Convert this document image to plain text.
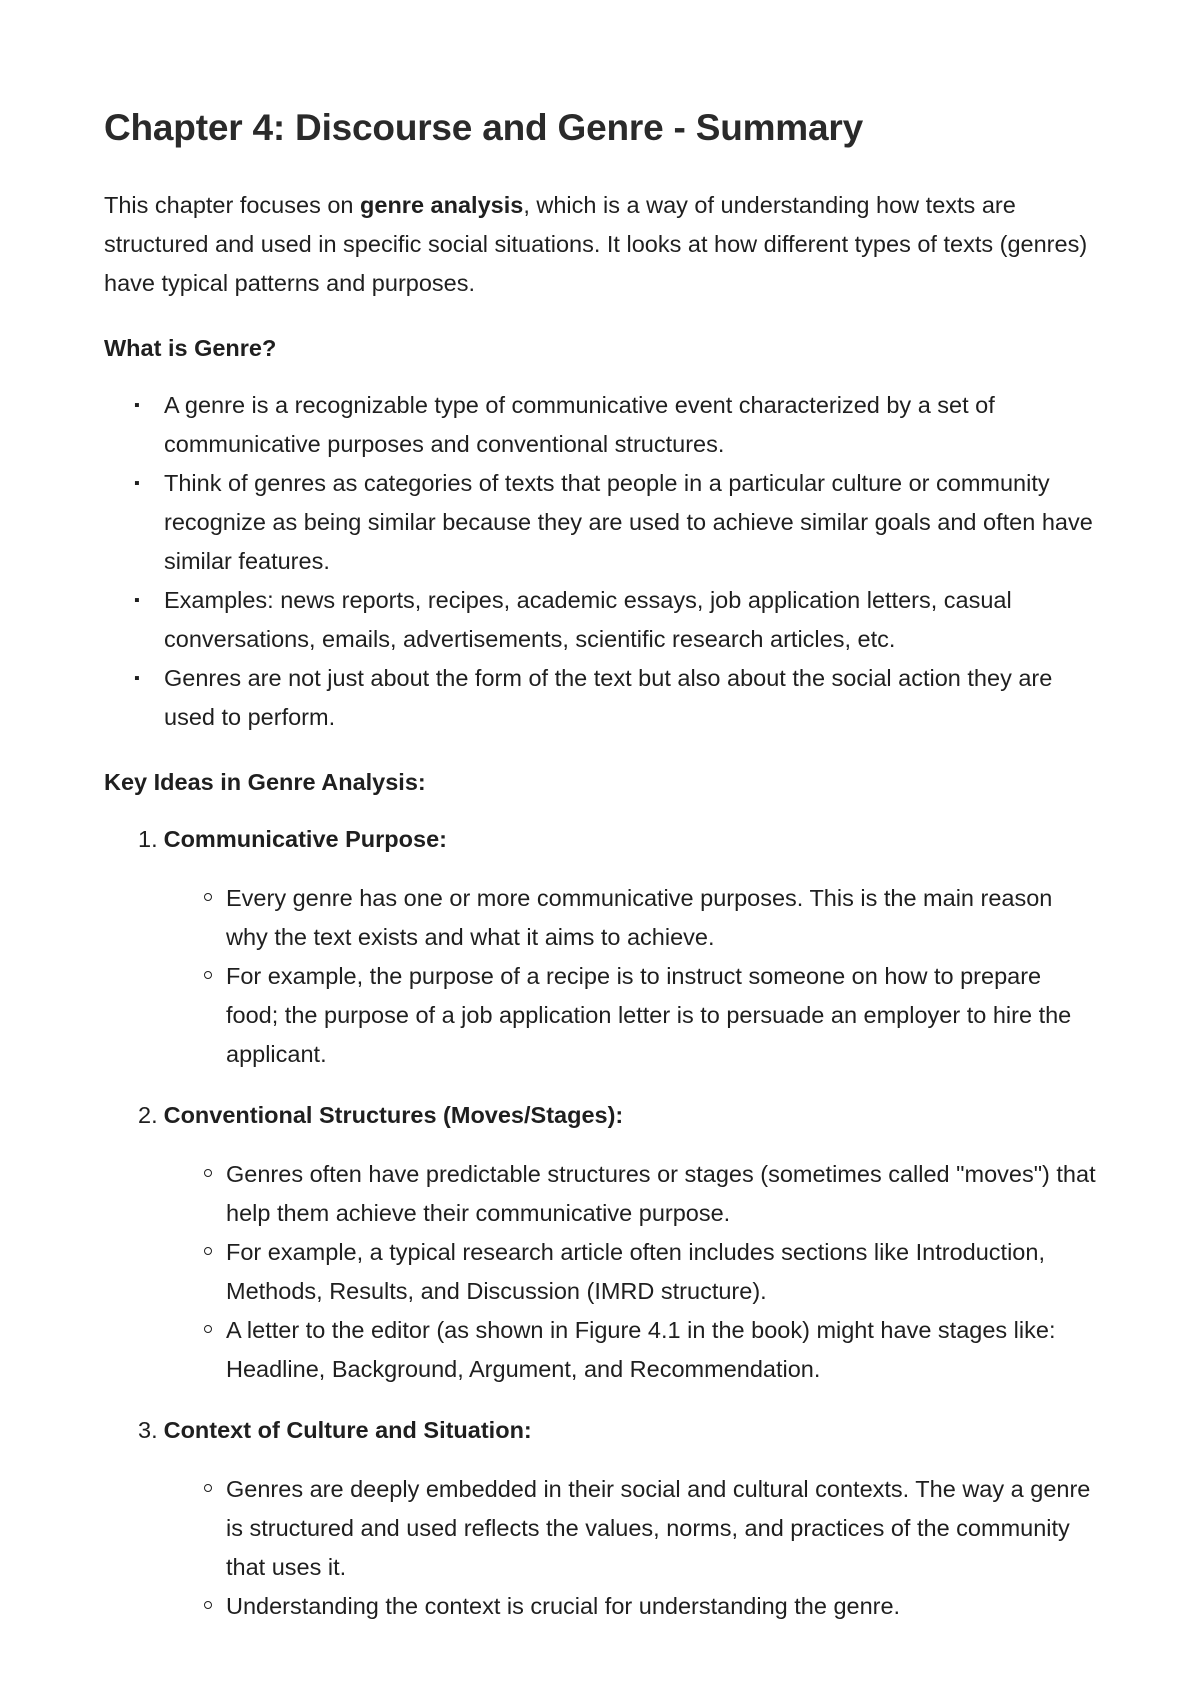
Chapter 4: Discourse and Genre - Summary

This chapter focuses on genre analysis, which is a way of understanding how texts are structured and used in specific social situations. It looks at how different types of texts (genres) have typical patterns and purposes.

What is Genre?
▪ A genre is a recognizable type of communicative event characterized by a set of communicative purposes and conventional structures.
▪ Think of genres as categories of texts that people in a particular culture or community recognize as being similar because they are used to achieve similar goals and often have similar features.
▪ Examples: news reports, recipes, academic essays, job application letters, casual conversations, emails, advertisements, scientific research articles, etc.
▪ Genres are not just about the form of the text but also about the social action they are used to perform.
Key Ideas in Genre Analysis:
1. Communicative Purpose:
Every genre has one or more communicative purposes. This is the main reason why the text exists and what it aims to achieve.
For example, the purpose of a recipe is to instruct someone on how to prepare food; the purpose of a job application letter is to persuade an employer to hire the applicant.
2. Conventional Structures (Moves/Stages):
Genres often have predictable structures or stages (sometimes called "moves") that help them achieve their communicative purpose.
For example, a typical research article often includes sections like Introduction, Methods, Results, and Discussion (IMRD structure).
A letter to the editor (as shown in Figure 4.1 in the book) might have stages like: Headline, Background, Argument, and Recommendation.
3. Context of Culture and Situation:
Genres are deeply embedded in their social and cultural contexts. The way a genre is structured and used reflects the values, norms, and practices of the community that uses it.
Understanding the context is crucial for understanding the genre.
